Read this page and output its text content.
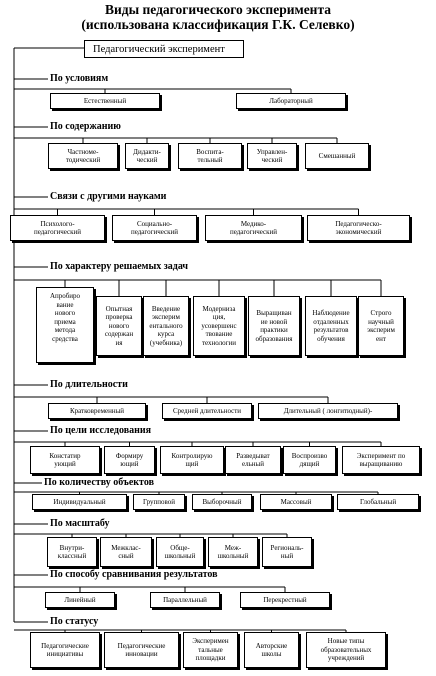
Виды педагогического эксперимента
(использована классификация Г.К. Селевко)
Педагогический эксперимент
По условиям
Естественный	Лабораторный
По содержанию
Частноме-
тодический
Дидакти-
ческий
Воспита-
тельный
Управлен-
ческий
Смешанный
Связи с другими науками
Психолого-
педагогический
Социально-
педагогический
Медико-
педагогический
Педагогическо-
экономический
По характеру решаемых задач
Апробиро
вание
нового
приема
метода
средства
Опытная
проверка
нового
содержан
ия
Введение
эксперим
ентального
курса
(учебника)
Модерниза
ция,
усовершенс
твование
технологии
Выращиван
ие новой
практики
образования
Наблюдение
отдаленных
результатов
обучения
Строго
научный
эксперим
ент
По длительности
Кратковременный	Средней длительности	Длительный ( лонгитюдный)-
По цели исследования
Констатир
ующий
Формиру
ющий
Контролирую
щий
Разведыват
ельный
Воспроизво
дящий
Эксперимент по
выращиванию
По количеству объектов
Индивидуальный	Групповой	Выборочный	Массовый	Глобальный
По масштабу
Внутри-
классный
Межклас-
сный
Обще-
школьный
Меж-
школьный
Региональ-
ный
По способу сравнивания результатов
Линейный	Параллельный	Перекрестный
По статусу
Педагогические
инициативы
Педагогические
инновации
Эксперимен
тальные
площадки
Авторские
школы
Новые типы
образовательных
учреждений
